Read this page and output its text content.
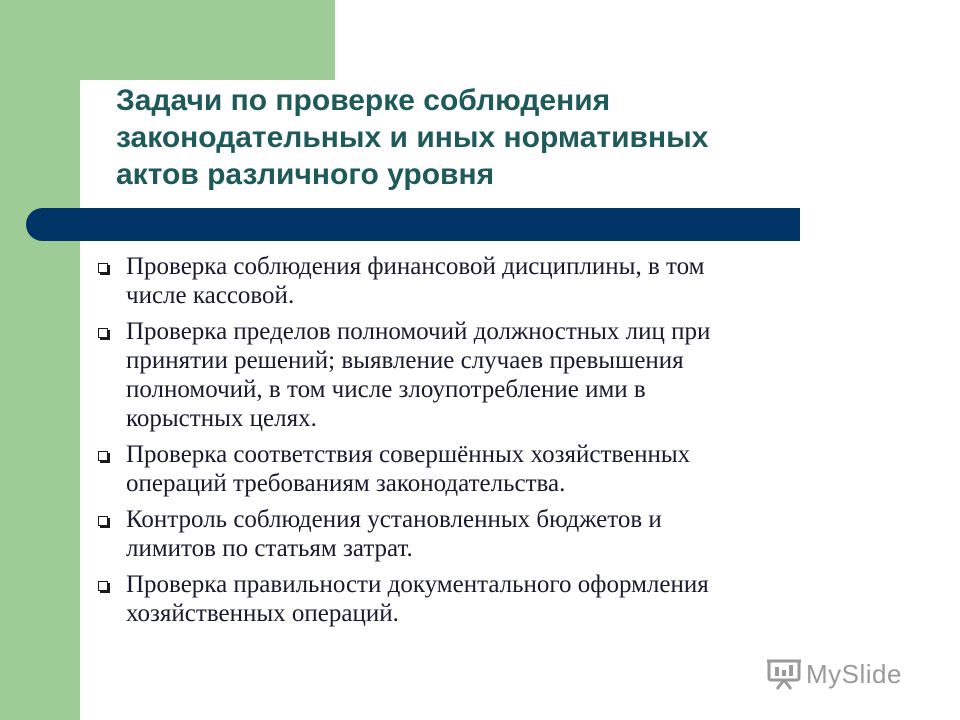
Задачи по проверке соблюдения
законодательных и иных нормативных
актов различного уровня
Проверка соблюдения финансовой дисциплины, в том
числе кассовой.
Проверка пределов полномочий должностных лиц при
принятии решений; выявление случаев превышения
полномочий, в том числе злоупотребление ими в
корыстных целях.
Проверка соответствия совершённых хозяйственных
операций требованиям законодательства.
Контроль соблюдения установленных бюджетов и
лимитов по статьям затрат.
Проверка правильности документального оформления
хозяйственных операций.
MySlide
